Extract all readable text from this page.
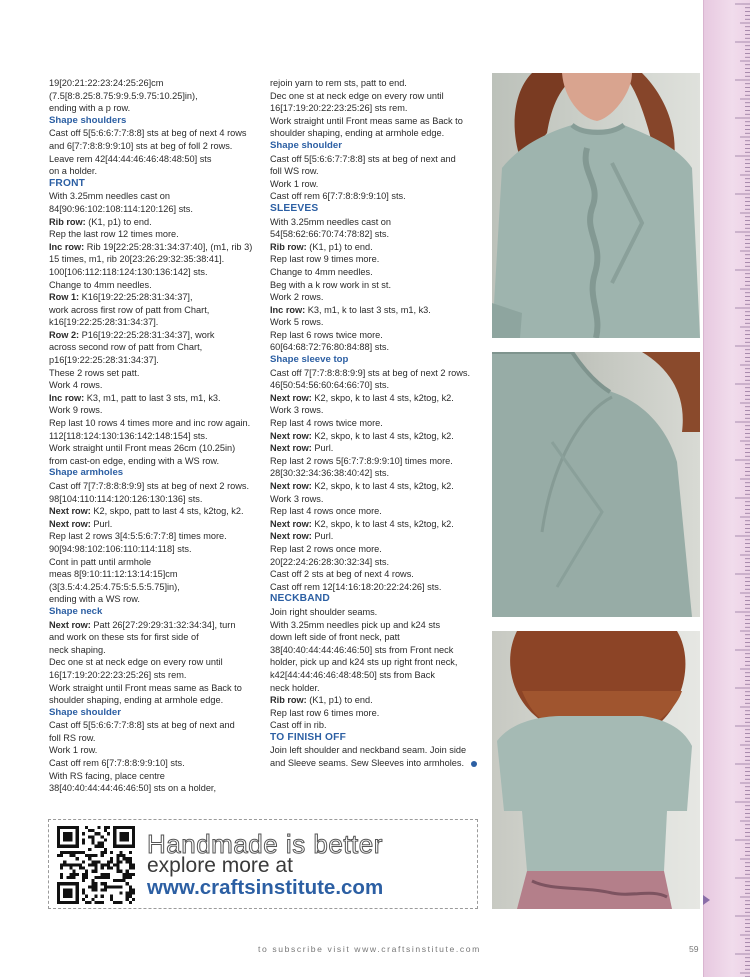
19[20:21:22:23:24:25:26]cm

(7.5[8:8.25:8.75:9:9.5:9.75:10.25]in),

ending with a p row.

Shape shoulders

Cast off 5[5:6:6:7:7:8:8] sts at beg of next 4 rows

and 6[7:7:8:8:9:9:10] sts at beg of foll 2 rows.

Leave rem 42[44:44:46:46:48:48:50] sts

on a holder.

FRONT

With 3.25mm needles cast on

84[90:96:102:108:114:120:126] sts.

Rib row: (K1, p1) to end.

Rep the last row 12 times more.

Inc row: Rib 19[22:25:28:31:34:37:40], (m1, rib 3)

15 times, m1, rib 20[23:26:29:32:35:38:41].

100[106:112:118:124:130:136:142] sts.

Change to 4mm needles.

Row 1: K16[19:22:25:28:31:34:37],

work across first row of patt from Chart,

k16[19:22:25:28:31:34:37].

Row 2: P16[19:22:25:28:31:34:37], work

across second row of patt from Chart,

p16[19:22:25:28:31:34:37].

These 2 rows set patt.

Work 4 rows.

Inc row: K3, m1, patt to last 3 sts, m1, k3.

Work 9 rows.

Rep last 10 rows 4 times more and inc row again.

112[118:124:130:136:142:148:154] sts.

Work straight until Front meas 26cm (10.25in)

from cast-on edge, ending with a WS row.

Shape armholes

Cast off 7[7:7:8:8:8:9:9] sts at beg of next 2 rows.

98[104:110:114:120:126:130:136] sts.

Next row: K2, skpo, patt to last 4 sts, k2tog, k2.

Next row: Purl.

Rep last 2 rows 3[4:5:5:6:7:7:8] times more.

90[94:98:102:106:110:114:118] sts.

Cont in patt until armhole

meas 8[9:10:11:12:13:14:15]cm

(3[3.5:4:4.25:4.75:5:5.5:5.75]in),

ending with a WS row.

Shape neck

Next row: Patt 26[27:29:29:31:32:34:34], turn

and work on these sts for first side of

neck shaping.

Dec one st at neck edge on every row until

16[17:19:20:22:23:25:26] sts rem.

Work straight until Front meas same as Back to

shoulder shaping, ending at armhole edge.

Shape shoulder

Cast off 5[5:6:6:7:7:8:8] sts at beg of next and

foll RS row.

Work 1 row.

Cast off rem 6[7:7:8:8:9:9:10] sts.

With RS facing, place centre

38[40:40:44:44:46:46:50] sts on a holder,

rejoin yarn to rem sts, patt to end.

Dec one st at neck edge on every row until

16[17:19:20:22:23:25:26] sts rem.

Work straight until Front meas same as Back to

shoulder shaping, ending at armhole edge.

Shape shoulder

Cast off 5[5:6:6:7:7:8:8] sts at beg of next and

foll WS row.

Work 1 row.

Cast off rem 6[7:7:8:8:9:9:10] sts.

SLEEVES

With 3.25mm needles cast on

54[58:62:66:70:74:78:82] sts.

Rib row: (K1, p1) to end.

Rep last row 9 times more.

Change to 4mm needles.

Beg with a k row work in st st.

Work 2 rows.

Inc row: K3, m1, k to last 3 sts, m1, k3.

Work 5 rows.

Rep last 6 rows twice more.

60[64:68:72:76:80:84:88] sts.

Shape sleeve top

Cast off 7[7:7:8:8:8:9:9] sts at beg of next 2 rows.

46[50:54:56:60:64:66:70] sts.

Next row: K2, skpo, k to last 4 sts, k2tog, k2.

Work 3 rows.

Rep last 4 rows twice more.

Next row: K2, skpo, k to last 4 sts, k2tog, k2.

Next row: Purl.

Rep last 2 rows 5[6:7:7:8:9:9:10] times more.

28[30:32:34:36:38:40:42] sts.

Next row: K2, skpo, k to last 4 sts, k2tog, k2.

Work 3 rows.

Rep last 4 rows once more.

Next row: K2, skpo, k to last 4 sts, k2tog, k2.

Next row: Purl.

Rep last 2 rows once more.

20[22:24:26:28:30:32:34] sts.

Cast off 2 sts at beg of next 4 rows.

Cast off rem 12[14:16:18:20:22:24:26] sts.

NECKBAND

Join right shoulder seams.

With 3.25mm needles pick up and k24 sts

down left side of front neck, patt

38[40:40:44:44:46:46:50] sts from Front neck

holder, pick up and k24 sts up right front neck,

k42[44:44:46:46:48:48:50] sts from Back

neck holder.

Rib row: (K1, p1) to end.

Rep last row 6 times more.

Cast off in rib.

TO FINISH OFF

Join left shoulder and neckband seam. Join side

and Sleeve seams. Sew Sleeves into armholes.

Handmade is better
explore more at
www.craftsinstitute.com
to subscribe visit www.craftsinstitute.com	59
